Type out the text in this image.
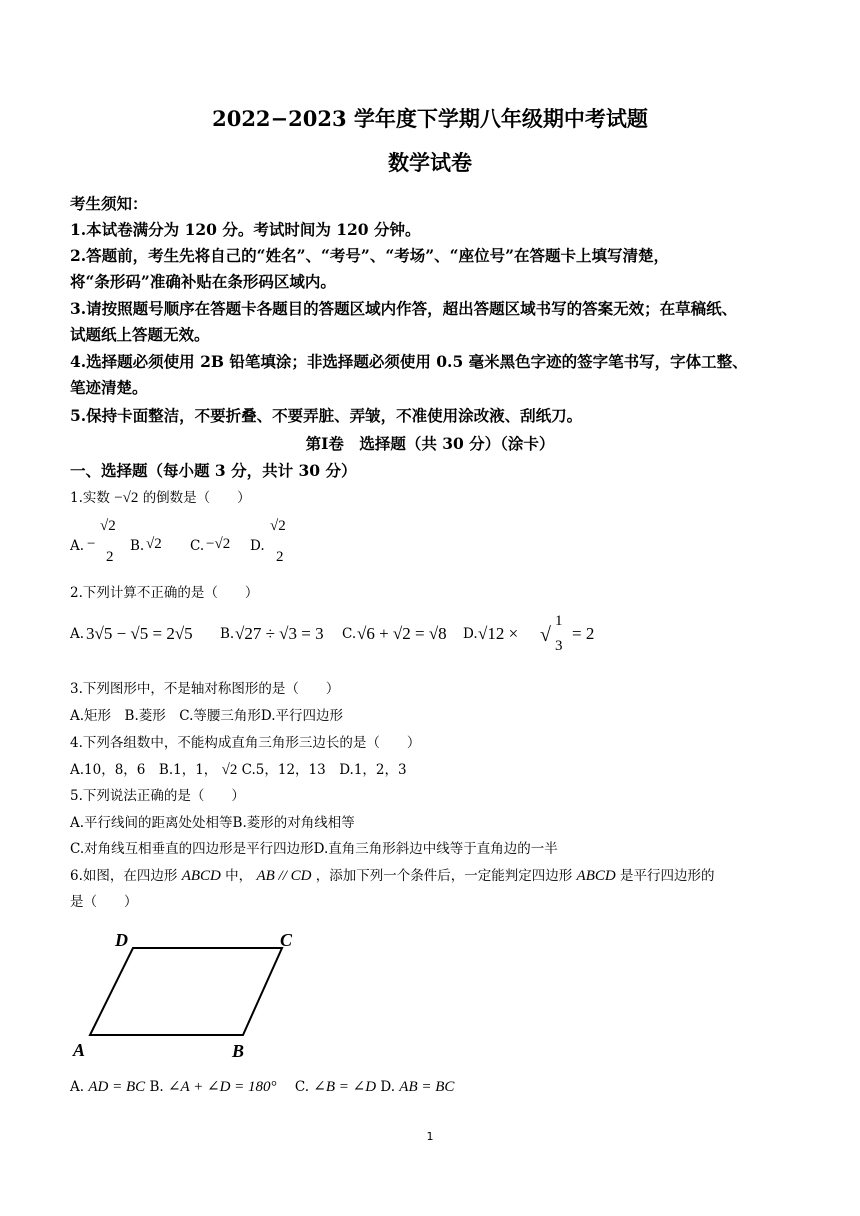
2022−2023 学年度下学期八年级期中考试题
数学试卷
考生须知：
1.本试卷满分为 120 分。考试时间为 120 分钟。
2.答题前，考生先将自己的“姓名”、“考号”、“考场”、“座位号”在答题卡上填写清楚，
将“条形码”准确补贴在条形码区域内。
3.请按照题号顺序在答题卡各题目的答题区域内作答，超出答题区域书写的答案无效；在草稿纸、
试题纸上答题无效。
4.选择题必须使用 2B 铅笔填涂；非选择题必须使用 0.5 毫米黑色字迹的签字笔书写，字体工整、
笔迹清楚。
5.保持卡面整洁，不要折叠、不要弄脏、弄皱，不准使用涂改液、刮纸刀。
第Ⅰ卷　选择题（共 30 分）（涂卡）
一、选择题（每小题 3 分，共计 30 分）
1.实数 −√2 的倒数是（　　）
A. −
√2
2
B. √2 C. −√2 D.
√2
2
2.下列计算不正确的是（　　）
A. 3√5 − √5 = 2√5 B. √27 ÷ √3 = 3 C. √6 + √2 = √8 D. √12 × √
1
3
= 2
3.下列图形中，不是轴对称图形的是（　　）
A.矩形　B.菱形　C.等腰三角形D.平行四边形
4.下列各组数中，不能构成直角三角形三边长的是（　　）
A.10，8，6　B.1，1， √2 C.5，12，13　D.1，2，3
5.下列说法正确的是（　　）
A.平行线间的距离处处相等B.菱形的对角线相等
C.对角线互相垂直的四边形是平行四边形D.直角三角形斜边中线等于直角边的一半
6.如图，在四边形 ABCD 中， AB // CD ，添加下列一个条件后，一定能判定四边形 ABCD 是平行四边形的
是（　　）
A	B
C
D
A. AD = BC B. ∠A + ∠D = 180° C. ∠B = ∠D D. AB = BC
1
